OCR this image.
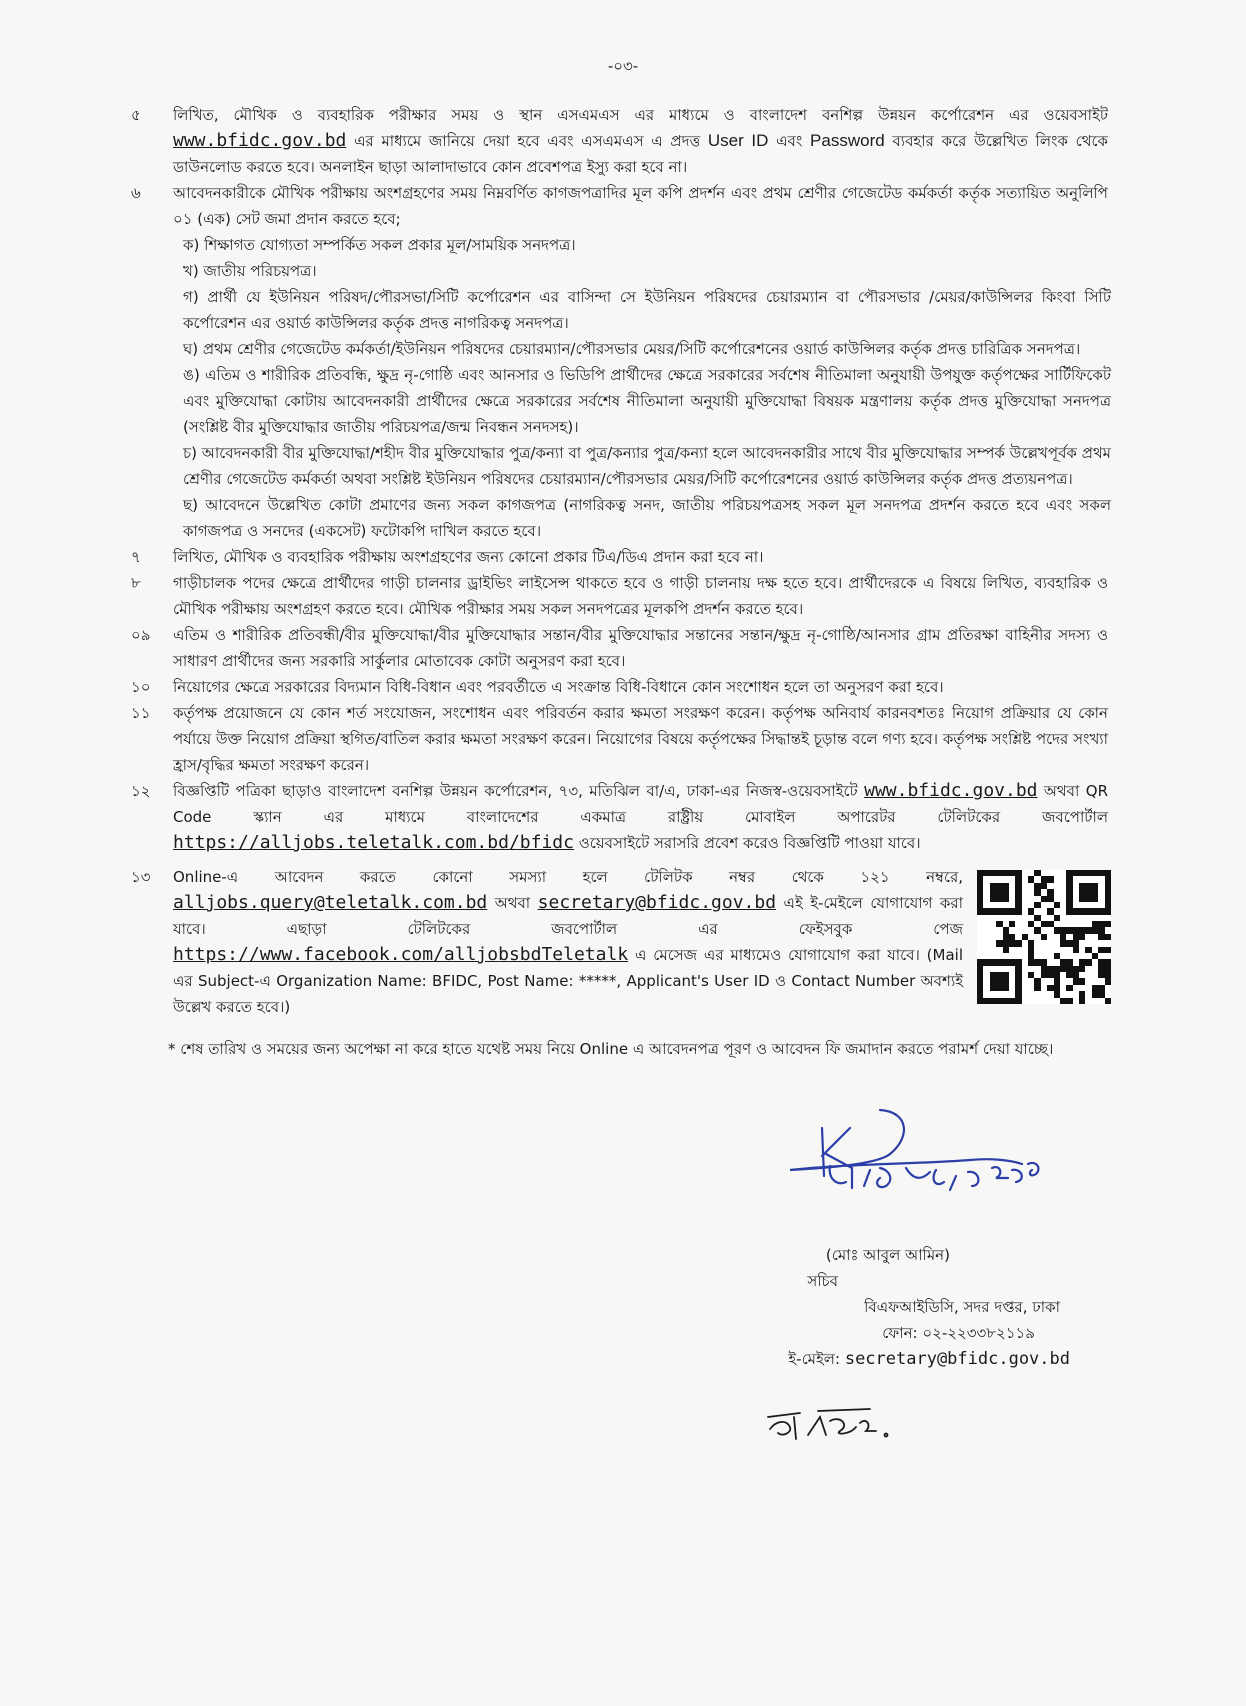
-০৩-
৫	লিখিত, মৌখিক ও ব্যবহারিক পরীক্ষার সময় ও স্থান এসএমএস এর মাধ্যমে ও বাংলাদেশ বনশিল্প উন্নয়ন কর্পোরেশন এর ওয়েবসাইট www.bfidc.gov.bd এর মাধ্যমে জানিয়ে দেয়া হবে এবং এসএমএস এ প্রদত্ত User ID এবং Password ব্যবহার করে উল্লেখিত লিংক থেকে ডাউনলোড করতে হবে। অনলাইন ছাড়া আলাদাভাবে কোন প্রবেশপত্র ইস্যু করা হবে না।
৬	আবেদনকারীকে মৌখিক পরীক্ষায় অংশগ্রহণের সময় নিম্নবর্ণিত কাগজপত্রাদির মূল কপি প্রদর্শন এবং প্রথম শ্রেণীর গেজেটেড কর্মকর্তা কর্তৃক সত্যায়িত অনুলিপি ০১ (এক) সেট জমা প্রদান করতে হবে;
ক) শিক্ষাগত যোগ্যতা সম্পর্কিত সকল প্রকার মূল/সাময়িক সনদপত্র।
খ) জাতীয় পরিচয়পত্র।
গ) প্রার্থী যে ইউনিয়ন পরিষদ/পৌরসভা/সিটি কর্পোরেশন এর বাসিন্দা সে ইউনিয়ন পরিষদের চেয়ারম্যান বা পৌরসভার /মেয়র/কাউন্সিলর কিংবা সিটি কর্পোরেশন এর ওয়ার্ড কাউন্সিলর কর্তৃক প্রদত্ত নাগরিকত্ব সনদপত্র।
ঘ) প্রথম শ্রেণীর গেজেটেড কর্মকর্তা/ইউনিয়ন পরিষদের চেয়ারম্যান/পৌরসভার মেয়র/সিটি কর্পোরেশনের ওয়ার্ড কাউন্সিলর কর্তৃক প্রদত্ত চারিত্রিক সনদপত্র।
ঙ) এতিম ও শারীরিক প্রতিবন্ধি, ক্ষুদ্র নৃ-গোষ্ঠি এবং আনসার ও ভিডিপি প্রার্থীদের ক্ষেত্রে সরকারের সর্বশেষ নীতিমালা অনুযায়ী উপযুক্ত কর্তৃপক্ষের সার্টিফিকেট এবং মুক্তিযোদ্ধা কোটায় আবেদনকারী প্রার্থীদের ক্ষেত্রে সরকারের সর্বশেষ নীতিমালা অনুযায়ী মুক্তিযোদ্ধা বিষয়ক মন্ত্রণালয় কর্তৃক প্রদত্ত মুক্তিযোদ্ধা সনদপত্র (সংশ্লিষ্ট বীর মুক্তিযোদ্ধার জাতীয় পরিচয়পত্র/জন্ম নিবন্ধন সনদসহ)।
চ) আবেদনকারী বীর মুক্তিযোদ্ধা/শহীদ বীর মুক্তিযোদ্ধার পুত্র/কন্যা বা পুত্র/কন্যার পুত্র/কন্যা হলে আবেদনকারীর সাথে বীর মুক্তিযোদ্ধার সম্পর্ক উল্লেখপূর্বক প্রথম শ্রেণীর গেজেটেড কর্মকর্তা অথবা সংশ্লিষ্ট ইউনিয়ন পরিষদের চেয়ারম্যান/পৌরসভার মেয়র/সিটি কর্পোরেশনের ওয়ার্ড কাউন্সিলর কর্তৃক প্রদত্ত প্রত্যয়নপত্র।
ছ) আবেদনে উল্লেখিত কোটা প্রমাণের জন্য সকল কাগজপত্র (নাগরিকত্ব সনদ, জাতীয় পরিচয়পত্রসহ সকল মূল সনদপত্র প্রদর্শন করতে হবে এবং সকল কাগজপত্র ও সনদের (একসেট) ফটোকপি দাখিল করতে হবে।
৭	লিখিত, মৌখিক ও ব্যবহারিক পরীক্ষায় অংশগ্রহণের জন্য কোনো প্রকার টিএ/ডিএ প্রদান করা হবে না।
৮	গাড়ীচালক পদের ক্ষেত্রে প্রার্থীদের গাড়ী চালনার ড্রাইভিং লাইসেন্স থাকতে হবে ও গাড়ী চালনায় দক্ষ হতে হবে। প্রার্থীদেরকে এ বিষয়ে লিখিত, ব্যবহারিক ও মৌখিক পরীক্ষায় অংশগ্রহণ করতে হবে। মৌখিক পরীক্ষার সময় সকল সনদপত্রের মূলকপি প্রদর্শন করতে হবে।
০৯	এতিম ও শারীরিক প্রতিবন্ধী/বীর মুক্তিযোদ্ধা/বীর মুক্তিযোদ্ধার সন্তান/বীর মুক্তিযোদ্ধার সন্তানের সন্তান/ক্ষুদ্র নৃ-গোষ্ঠি/আনসার গ্রাম প্রতিরক্ষা বাহিনীর সদস্য ও সাধারণ প্রার্থীদের জন্য সরকারি সার্কুলার মোতাবেক কোটা অনুসরণ করা হবে।
১০	নিয়োগের ক্ষেত্রে সরকারের বিদ্যমান বিধি-বিধান এবং পরবর্তীতে এ সংক্রান্ত বিধি-বিধানে কোন সংশোধন হলে তা অনুসরণ করা হবে।
১১	কর্তৃপক্ষ প্রয়োজনে যে কোন শর্ত সংযোজন, সংশোধন এবং পরিবর্তন করার ক্ষমতা সংরক্ষণ করেন। কর্তৃপক্ষ অনিবার্য কারনবশতঃ নিয়োগ প্রক্রিয়ার যে কোন পর্যায়ে উক্ত নিয়োগ প্রক্রিয়া স্থগিত/বাতিল করার ক্ষমতা সংরক্ষণ করেন। নিয়োগের বিষয়ে কর্তৃপক্ষের সিদ্ধান্তই চূড়ান্ত বলে গণ্য হবে। কর্তৃপক্ষ সংশ্লিষ্ট পদের সংখ্যা হ্রাস/বৃদ্ধির ক্ষমতা সংরক্ষণ করেন।
১২	বিজ্ঞপ্তিটি পত্রিকা ছাড়াও বাংলাদেশ বনশিল্প উন্নয়ন কর্পোরেশন, ৭৩, মতিঝিল বা/এ, ঢাকা-এর নিজস্ব-ওয়েবসাইটে www.bfidc.gov.bd অথবা QR Code স্ক্যান এর মাধ্যমে বাংলাদেশের একমাত্র রাষ্ট্রীয় মোবাইল অপারেটর টেলিটকের জবপোর্টাল https://alljobs.teletalk.com.bd/bfidc ওয়েবসাইটে সরাসরি প্রবেশ করেও বিজ্ঞপ্তিটি পাওয়া যাবে।
১৩	Online-এ আবেদন করতে কোনো সমস্যা হলে টেলিটক নম্বর থেকে ১২১ নম্বরে, alljobs.query@teletalk.com.bd অথবা secretary@bfidc.gov.bd এই ই-মেইলে যোগাযোগ করা যাবে। এছাড়া টেলিটকের জবপোর্টাল এর ফেইসবুক পেজ https://www.facebook.com/alljobsbdTeletalk এ মেসেজ এর মাধ্যমেও যোগাযোগ করা যাবে। (Mail এর Subject-এ Organization Name: BFIDC, Post Name: *****, Applicant's User ID ও Contact Number অবশ্যই উল্লেখ করতে হবে।)
* শেষ তারিখ ও সময়ের জন্য অপেক্ষা না করে হাতে যথেষ্ট সময় নিয়ে Online এ আবেদনপত্র পূরণ ও আবেদন ফি জমাদান করতে পরামর্শ দেয়া যাচ্ছে।
(মোঃ আবুল আমিন)
সচিব
বিএফআইডিসি, সদর দপ্তর, ঢাকা
ফোন: ০২-২২৩৩৮২১১৯
ই-মেইল: secretary@bfidc.gov.bd
